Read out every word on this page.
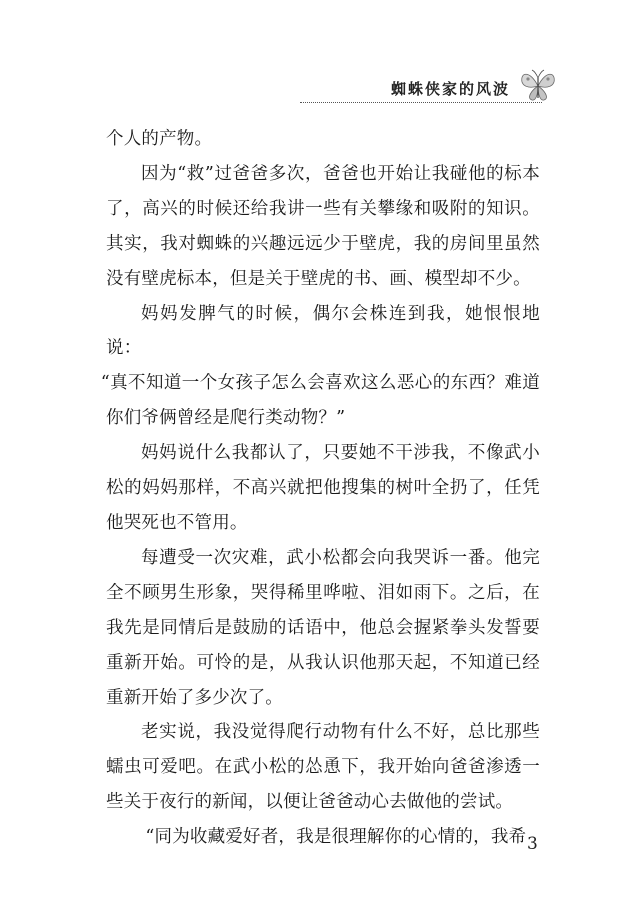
蜘蛛侠家的风波

个人的产物。

因为“救”过爸爸多次，爸爸也开始让我碰他的标本了，高兴的时候还给我讲一些有关攀缘和吸附的知识。其实，我对蜘蛛的兴趣远远少于壁虎，我的房间里虽然没有壁虎标本，但是关于壁虎的书、画、模型却不少。

妈妈发脾气的时候，偶尔会株连到我，她恨恨地说：

“真不知道一个女孩子怎么会喜欢这么恶心的东西？难道你们爷俩曾经是爬行类动物？”

妈妈说什么我都认了，只要她不干涉我，不像武小松的妈妈那样，不高兴就把他搜集的树叶全扔了，任凭他哭死也不管用。

每遭受一次灾难，武小松都会向我哭诉一番。他完全不顾男生形象，哭得稀里哗啦、泪如雨下。之后，在我先是同情后是鼓励的话语中，他总会握紧拳头发誓要重新开始。可怜的是，从我认识他那天起，不知道已经重新开始了多少次了。

老实说，我没觉得爬行动物有什么不好，总比那些蠕虫可爱吧。在武小松的怂恿下，我开始向爸爸渗透一些关于夜行的新闻，以便让爸爸动心去做他的尝试。

“同为收藏爱好者，我是很理解你的心情的，我希 3
